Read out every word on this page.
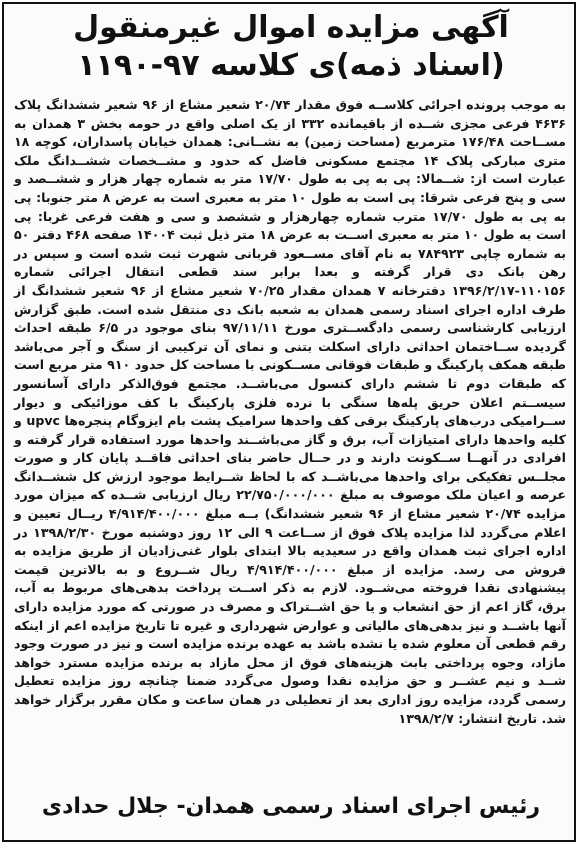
آگهی مزایده اموال غیرمنقول
(اسناد ذمه)ی کلاسه ۹۷-۱۱۹۰

به موجب پرونده اجرائی کلاســه فوق مقدار ۲۰/۷۴ شعیر مشاع از ۹۶ شعیر ششدانگ پلاک ۴۶۳۶ فرعی مجزی شــده از باقیمانده ۳۳۲ از یک اصلی واقع در حومه بخش ۳ همدان به مســاحت ۱۷۶/۴۸ مترمربع (مساحت زمین) به نشــانی: همدان خیابان پاسداران، کوچه ۱۸ متری مبارکی پلاک ۱۴ مجتمع مسکونی فاضل که حدود و مشــخصات ششــدانگ ملک عبارت است از: شــمالا: پی به پی به طول ۱۷/۷۰ متر به شماره چهار هزار و ششــصد و سی و پنج فرعی شرقا: پی است به طول ۱۰ متر به معبری است به عرض ۸ متر جنوبا: پی به پی به طول ۱۷/۷۰ مترب شماره چهارهزار و ششصد و سی و هفت فرعی غربا: پی است به طول ۱۰ متر به معبری اســت به عرض ۱۸ متر ذیل ثبت ۱۴۰۰۴ صفحه ۴۶۸ دفتر ۵۰ به شماره چاپی ۷۸۴۹۲۳ به نام آقای مســعود قربانی شهرت ثبت شده است و سپس در رهن بانک دی قرار گرفته و بعدا برابر سند قطعی انتقال اجرائی شماره ۱۱۰۱۵۶-۱۳۹۶/۲/۱۷ دفترخانه ۷ همدان مقدار ۷۰/۲۵ شعیر مشاع از ۹۶ شعیر ششدانگ از طرف اداره اجرای اسناد رسمی همدان به شعبه بانک دی منتقل شده است. طبق گزارش ارزیابی کارشناسی رسمی دادگســتری مورخ ۹۷/۱۱/۱۱ بنای موجود در ۶/۵ طبقه احداث گردیده ســاختمان احداثی دارای اسکلت بتنی و نمای آن ترکیبی از سنگ و آجر می‌باشد طبقه همکف پارکینگ و طبقات فوقانی مســکونی با مساحت کل حدود ۹۱۰ متر مربع است که طبقات دوم تا ششم دارای کنسول می‌باشــد. مجتمع فوق‌الذکر دارای آسانسور سیســتم اعلان حریق پله‌ها سنگی با نرده فلزی پارکینگ با کف موزائیکی و دیوار ســرامیکی درب‌های پارکینگ برقی کف واحدها سرامیک پشت بام ایزوگام پنجره‌ها upvc و کلیه واحدها دارای امتیازات آب، برق و گاز می‌باشــند واحدها مورد استفاده قرار گرفته و افرادی در آنهــا ســکونت دارند و در حــال حاضر بنای احداثی فاقــد پایان کار و صورت مجلــس تفکیکی برای واحدها می‌باشــد که با لحاظ شــرایط موجود ارزش کل ششــدانگ عرصه و اعیان ملک موصوف به مبلغ ۲۲/۷۵۰/۰۰۰/۰۰۰ ریال ارزیابی شــده که میزان مورد مزایده ۲۰/۷۴ شعیر مشاع از ۹۶ شعیر ششدانگ) بــه مبلغ ۴/۹۱۴/۴۰۰/۰۰۰ ریــال تعیین و اعلام می‌گردد لذا مزایده پلاک فوق از ســاعت ۹ الی ۱۲ روز دوشنبه مورخ ۱۳۹۸/۲/۳۰ در اداره اجرای ثبت همدان واقع در سعیدیه بالا ابتدای بلوار غنی‌زادیان از طریق مزایده به فروش می رسد. مزایده از مبلغ ۴/۹۱۴/۴۰۰/۰۰۰ ریال شــروع و به بالاترین قیمت پیشنهادی نقدا فروخته می‌شــود. لازم به ذکر اســت پرداخت بدهی‌های مربوط به آب، برق، گاز اعم از حق انشعاب و یا حق اشــتراک و مصرف در صورتی که مورد مزایده دارای آنها باشــد و نیز بدهی‌های مالیاتی و عوارض شهرداری و غیره تا تاریخ مزایده اعم از اینکه رقم قطعی آن معلوم شده یا نشده باشد به عهده برنده مزایده است و نیز در صورت وجود مازاد، وجوه پرداختی بابت هزینه‌های فوق از محل مازاد به برنده مزایده مسترد خواهد شــد و نیم عشــر و حق مزایده نقدا وصول می‌گردد ضمنا چنانچه روز مزایده تعطیل رسمی گردد، مزایده روز اداری بعد از تعطیلی در همان ساعت و مکان مقرر برگزار خواهد شد. تاریخ انتشار: ۱۳۹۸/۲/۷

رئیس اجرای اسناد رسمی همدان- جلال حدادی
